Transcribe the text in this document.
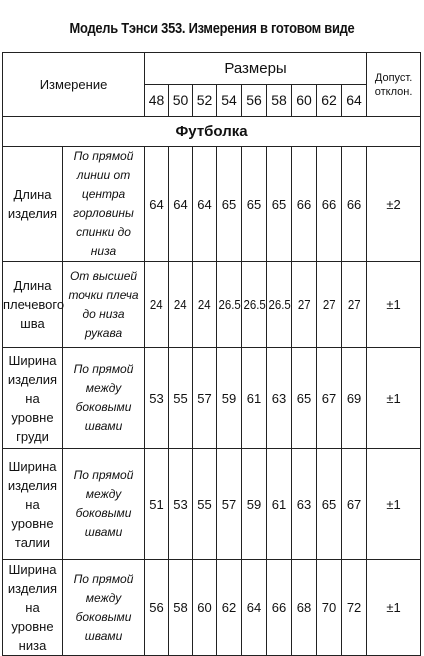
Модель Тэнси 353. Измерения в готовом виде
Измерение		Размеры									Допуст. отклон.
		48	50	52	54	56	58	60	62	64	
Футболка											
Длина изделия	По прямой линии от центра горловины спинки до низа	64	64	64	65	65	65	66	66	66	±2
Длина плечевого шва	От высшей точки плеча до низа рукава	24	24	24	26.5	26.5	26.5	27	27	27	±1
Ширина изделия на уровне груди	По прямой между боковыми швами	53	55	57	59	61	63	65	67	69	±1
Ширина изделия на уровне талии	По прямой между боковыми швами	51	53	55	57	59	61	63	65	67	±1
Ширина изделия на уровне низа	По прямой между боковыми швами	56	58	60	62	64	66	68	70	72	±1
